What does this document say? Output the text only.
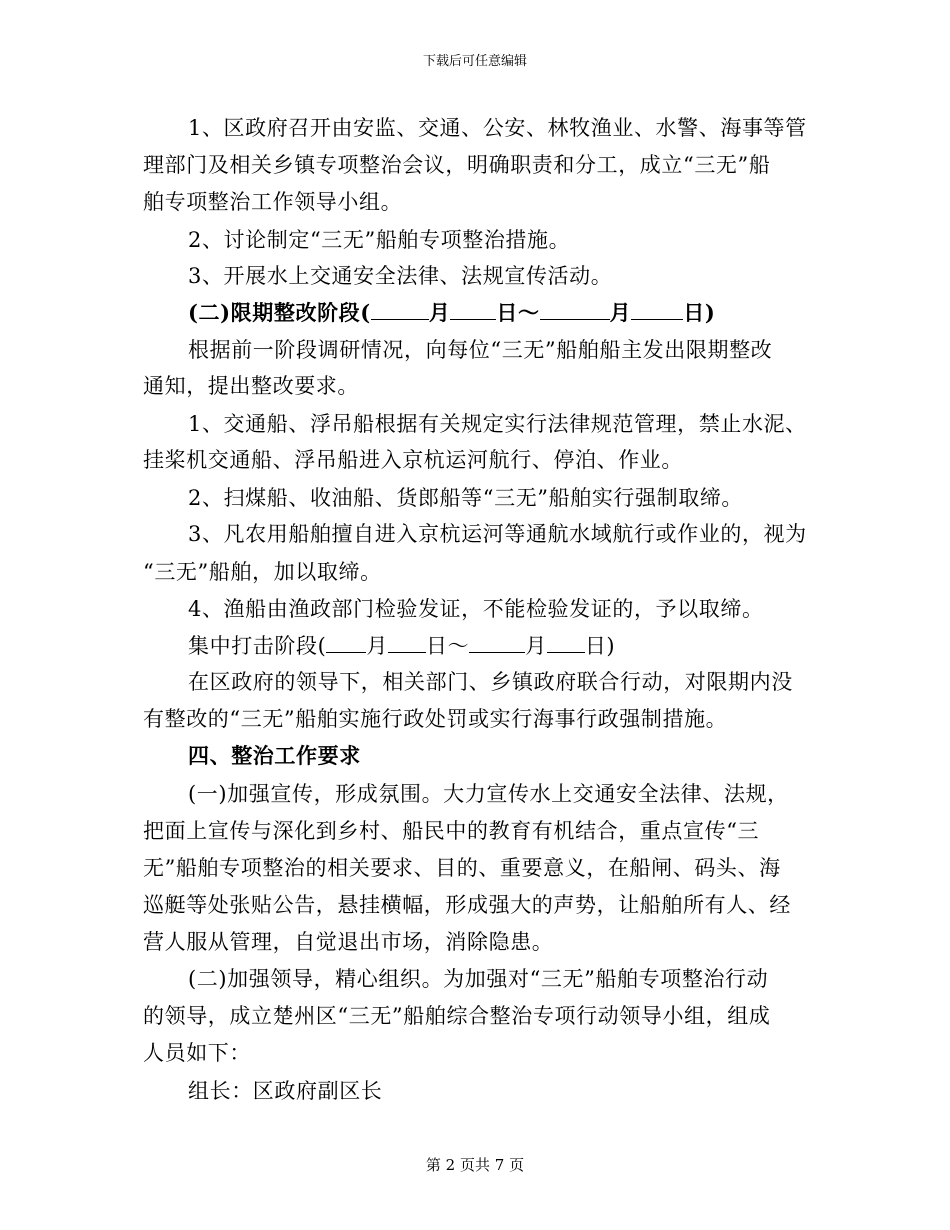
下载后可任意编辑
1、区政府召开由安监、交通、公安、林牧渔业、水警、海事等管
理部门及相关乡镇专项整治会议，明确职责和分工，成立“三无”船
舶专项整治工作领导小组。
2、讨论制定“三无”船舶专项整治措施。
3、开展水上交通安全法律、法规宣传活动。
(二)限期整改阶段(	月 日～	月 日)
根据前一阶段调研情况，向每位“三无”船舶船主发出限期整改
通知，提出整改要求。
1、交通船、浮吊船根据有关规定实行法律规范管理，禁止水泥、
挂桨机交通船、浮吊船进入京杭运河航行、停泊、作业。
2、扫煤船、收油船、货郎船等“三无”船舶实行强制取缔。
3、凡农用船舶擅自进入京杭运河等通航水域航行或作业的，视为
“三无”船舶，加以取缔。
4、渔船由渔政部门检验发证，不能检验发证的，予以取缔。
集中打击阶段( 月 日～	月 日)
在区政府的领导下，相关部门、乡镇政府联合行动，对限期内没
有整改的“三无”船舶实施行政处罚或实行海事行政强制措施。
四、整治工作要求
(一)加强宣传，形成氛围。大力宣传水上交通安全法律、法规，
把面上宣传与深化到乡村、船民中的教育有机结合，重点宣传“三
无”船舶专项整治的相关要求、目的、重要意义，在船闸、码头、海
巡艇等处张贴公告，悬挂横幅，形成强大的声势，让船舶所有人、经
营人服从管理，自觉退出市场，消除隐患。
(二)加强领导，精心组织。为加强对“三无”船舶专项整治行动
的领导，成立楚州区“三无”船舶综合整治专项行动领导小组，组成
人员如下：
组长：区政府副区长
第 2 页共 7 页
